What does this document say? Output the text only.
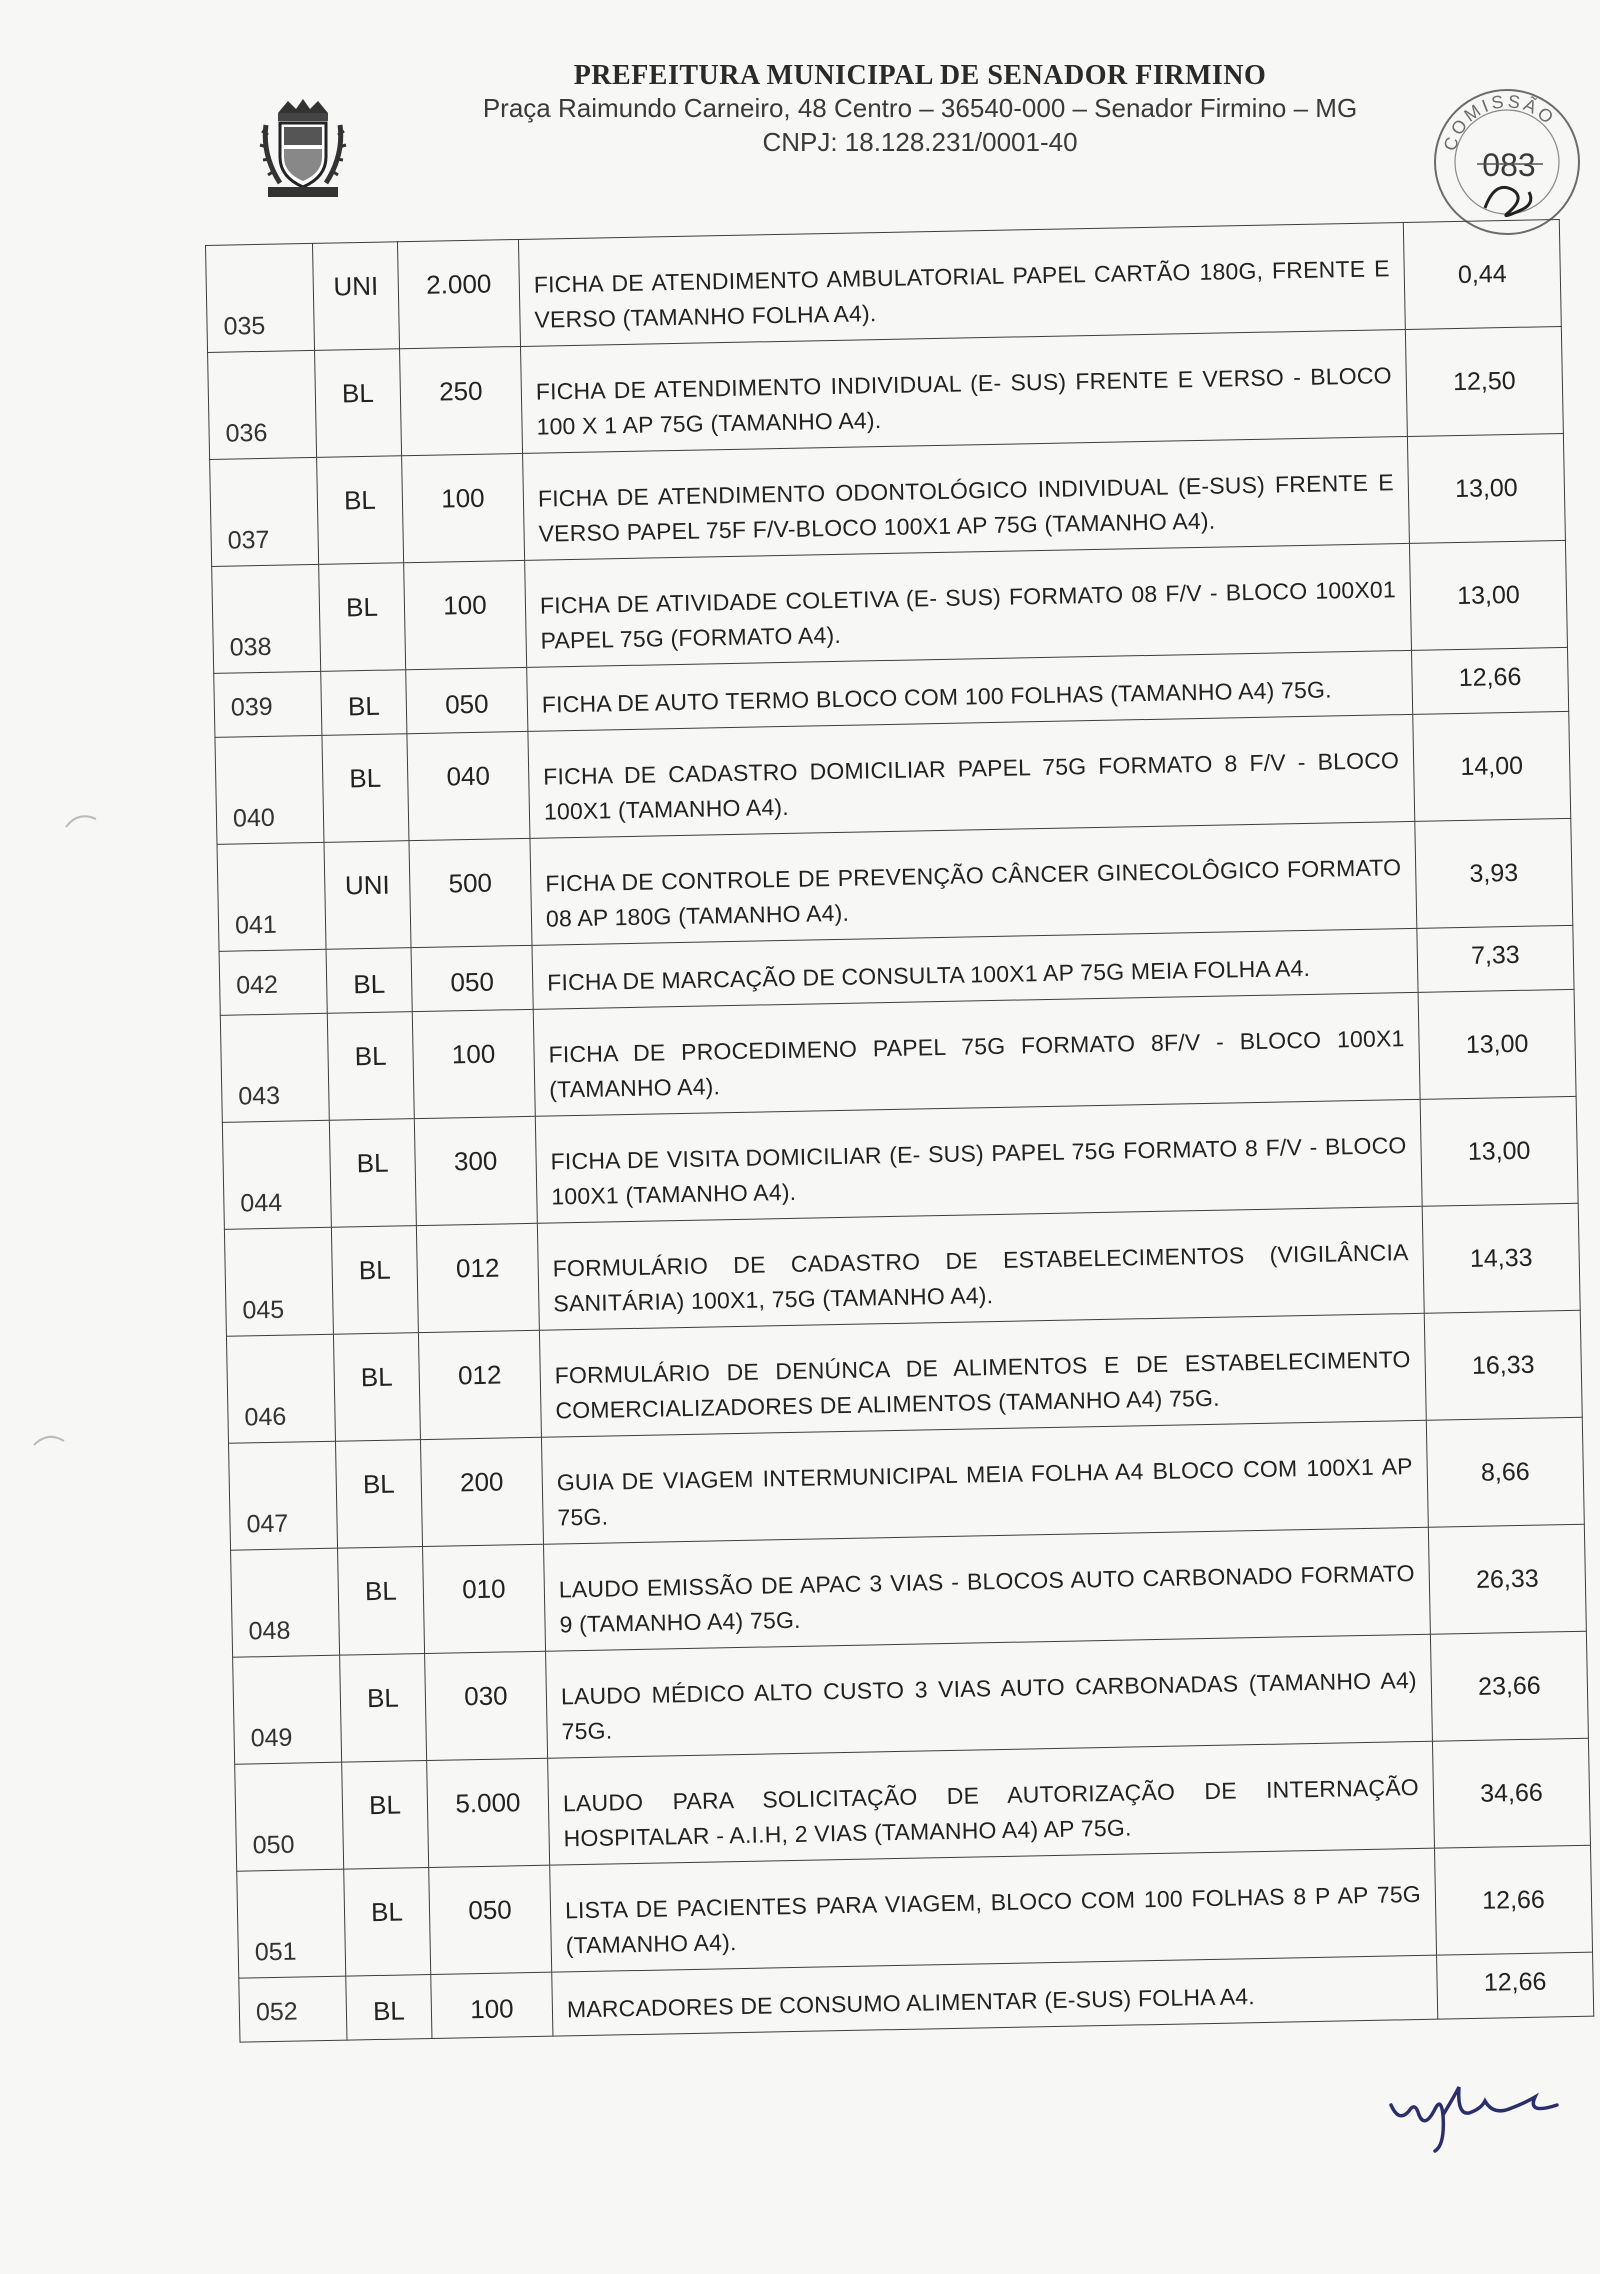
PREFEITURA MUNICIPAL DE SENADOR FIRMINO
Praça Raimundo Carneiro, 48 Centro – 36540-000 – Senador Firmino – MG
CNPJ: 18.128.231/0001-40	COMISSÃO
083
035	UNI	2.000	FICHA DE ATENDIMENTO AMBULATORIAL PAPEL CARTÃO 180G, FRENTE E VERSO (TAMANHO FOLHA A4).	0,44
036	BL	250	FICHA DE ATENDIMENTO INDIVIDUAL (E- SUS) FRENTE E VERSO - BLOCO 100 X 1 AP 75G (TAMANHO A4).	12,50
037	BL	100	FICHA DE ATENDIMENTO ODONTOLÓGICO INDIVIDUAL (E-SUS) FRENTE E VERSO PAPEL 75F F/V-BLOCO 100X1 AP 75G (TAMANHO A4).	13,00
038	BL	100	FICHA DE ATIVIDADE COLETIVA (E- SUS) FORMATO 08 F/V - BLOCO 100X01 PAPEL 75G (FORMATO A4).	13,00
039	BL	050	FICHA DE AUTO TERMO BLOCO COM 100 FOLHAS (TAMANHO A4) 75G.	12,66
040	BL	040	FICHA DE CADASTRO DOMICILIAR PAPEL 75G FORMATO 8 F/V - BLOCO 100X1 (TAMANHO A4).	14,00
041	UNI	500	FICHA DE CONTROLE DE PREVENÇÃO CÂNCER GINECOLÔGICO FORMATO 08 AP 180G (TAMANHO A4).	3,93
042	BL	050	FICHA DE MARCAÇÃO DE CONSULTA 100X1 AP 75G MEIA FOLHA A4.	7,33
043	BL	100	FICHA DE PROCEDIMENO PAPEL 75G FORMATO 8F/V - BLOCO 100X1 (TAMANHO A4).	13,00
044	BL	300	FICHA DE VISITA DOMICILIAR (E- SUS) PAPEL 75G FORMATO 8 F/V - BLOCO 100X1 (TAMANHO A4).	13,00
045	BL	012	FORMULÁRIO DE CADASTRO DE ESTABELECIMENTOS (VIGILÂNCIA SANITÁRIA) 100X1, 75G (TAMANHO A4).	14,33
046	BL	012	FORMULÁRIO DE DENÚNCA DE ALIMENTOS E DE ESTABELECIMENTO COMERCIALIZADORES DE ALIMENTOS (TAMANHO A4) 75G.	16,33
047	BL	200	GUIA DE VIAGEM INTERMUNICIPAL MEIA FOLHA A4 BLOCO COM 100X1 AP 75G.	8,66
048	BL	010	LAUDO EMISSÃO DE APAC 3 VIAS - BLOCOS AUTO CARBONADO FORMATO 9 (TAMANHO A4) 75G.	26,33
049	BL	030	LAUDO MÉDICO ALTO CUSTO 3 VIAS AUTO CARBONADAS (TAMANHO A4) 75G.	23,66
050	BL	5.000	LAUDO PARA SOLICITAÇÃO DE AUTORIZAÇÃO DE INTERNAÇÃO HOSPITALAR - A.I.H, 2 VIAS (TAMANHO A4) AP 75G.	34,66
051	BL	050	LISTA DE PACIENTES PARA VIAGEM, BLOCO COM 100 FOLHAS 8 P AP 75G (TAMANHO A4).	12,66
052	BL	100	MARCADORES DE CONSUMO ALIMENTAR (E-SUS) FOLHA A4.	12,66
